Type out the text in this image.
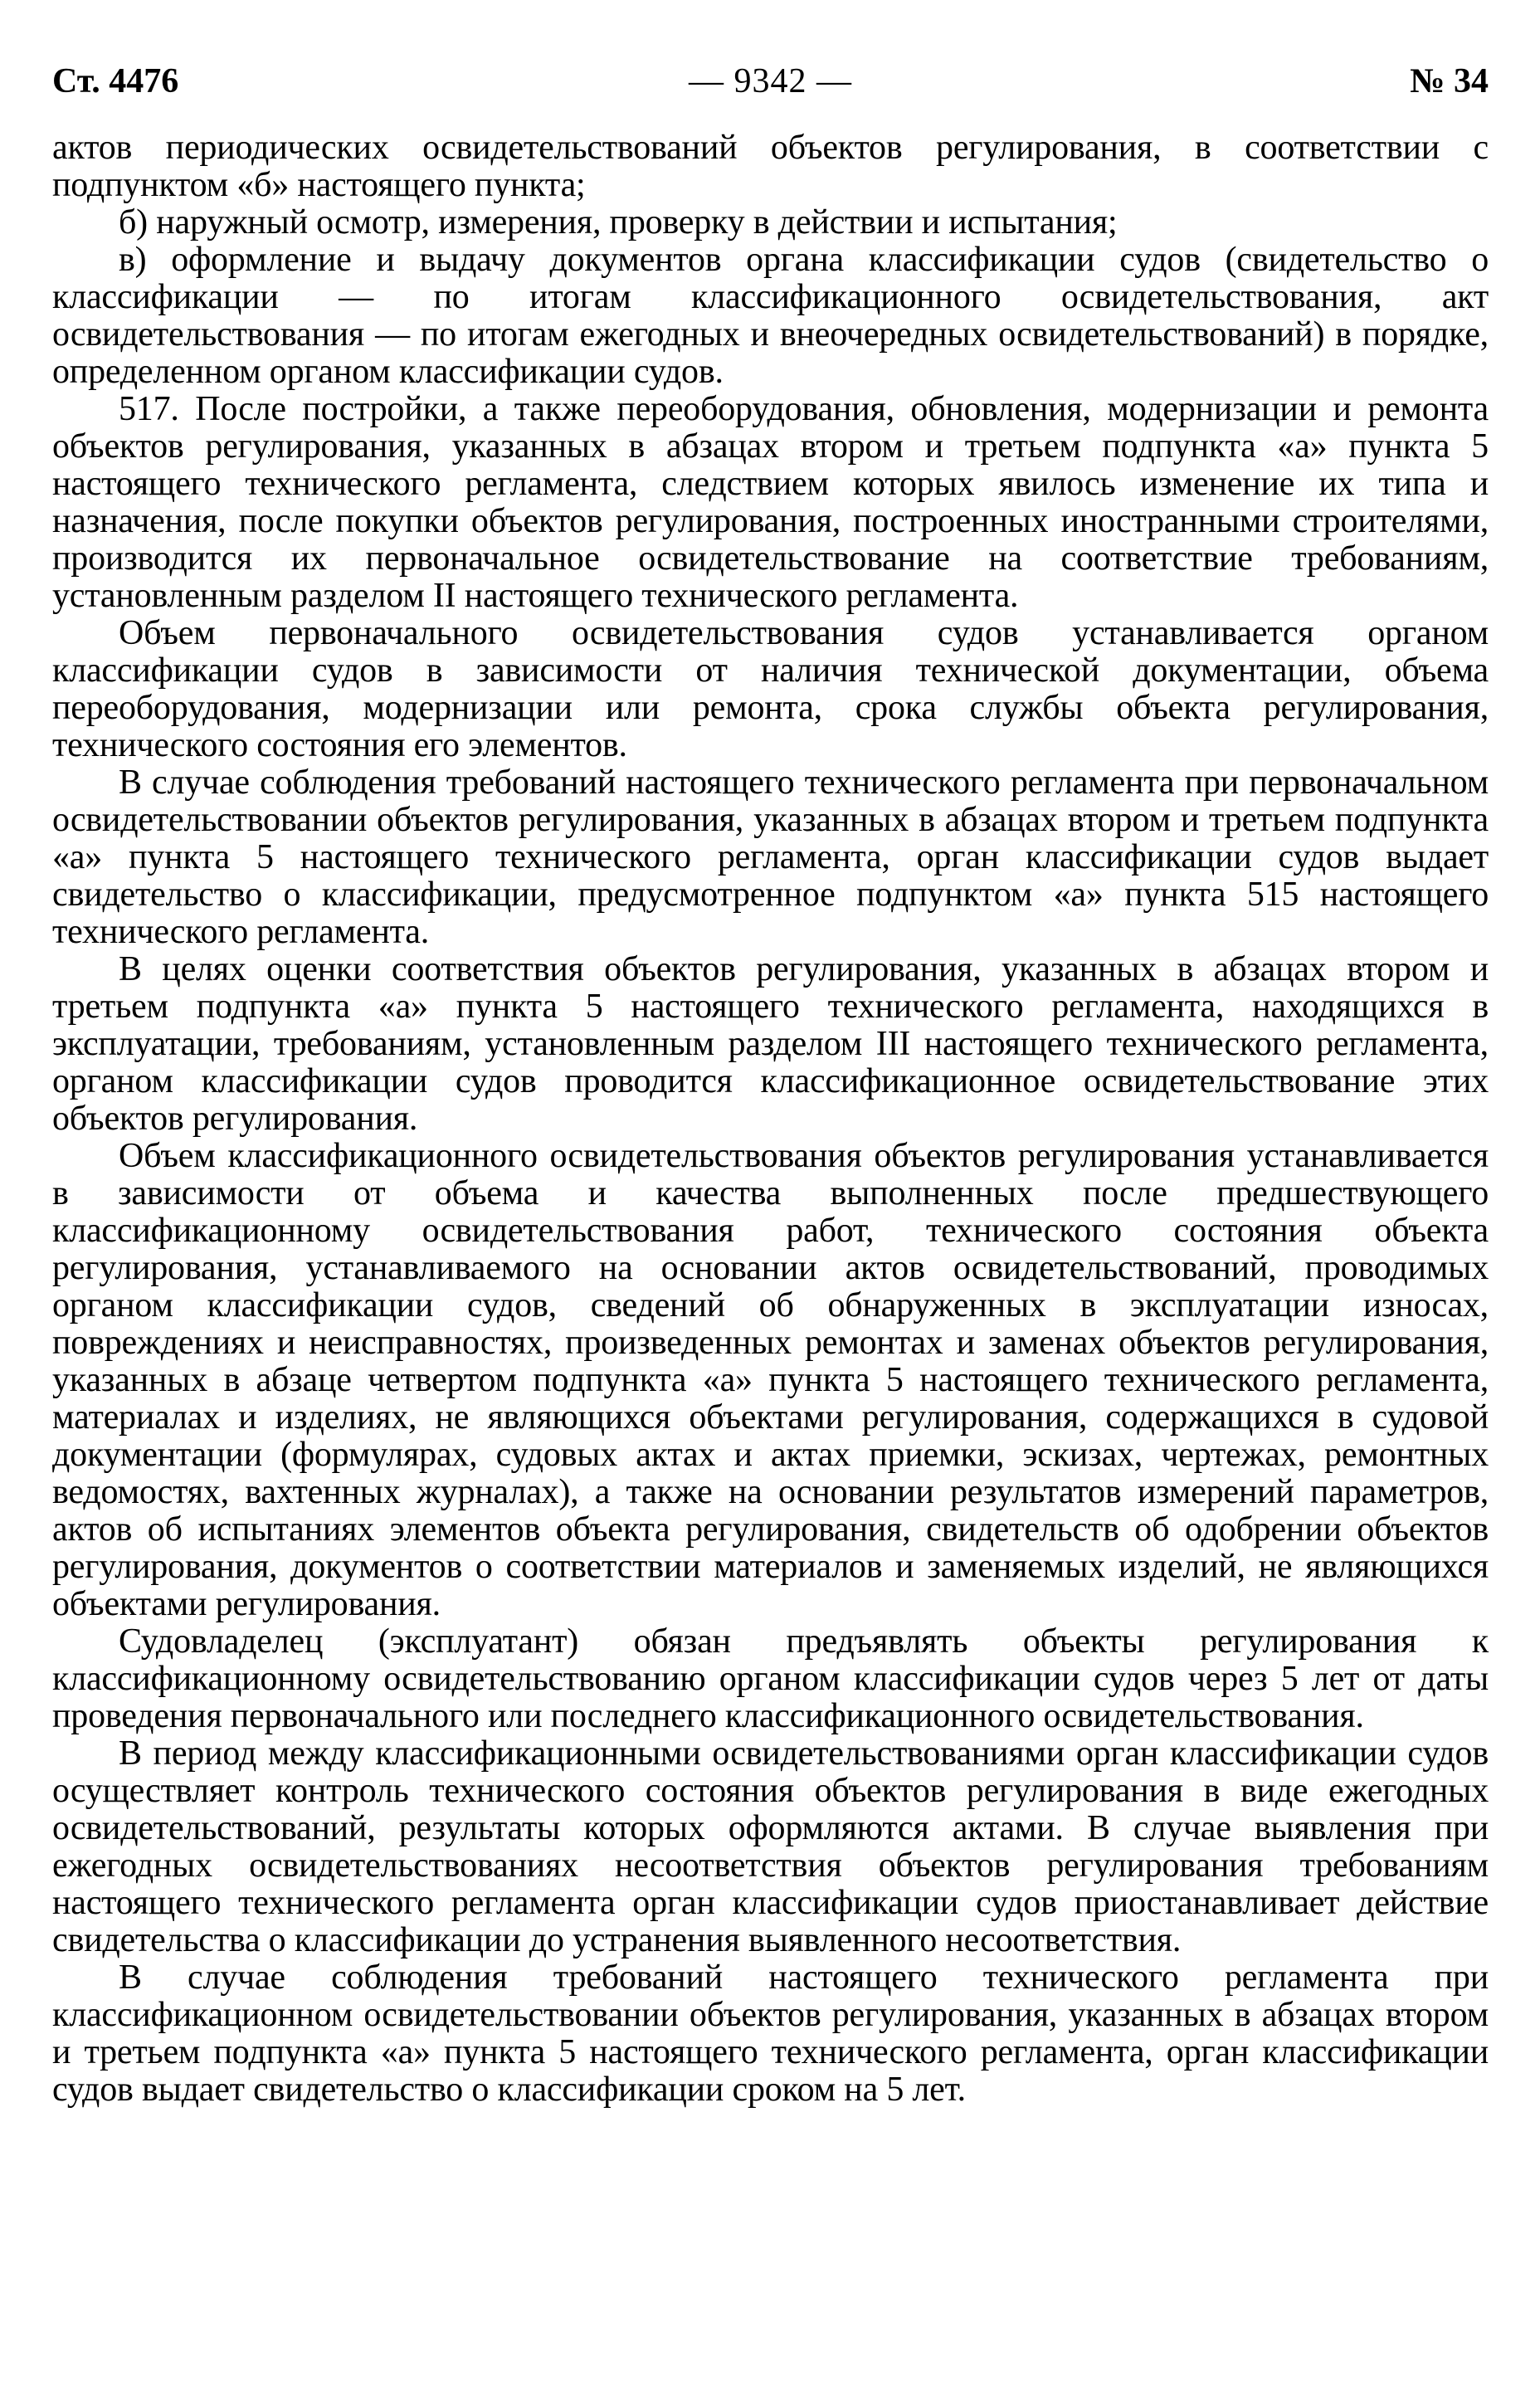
Ст. 4476	— 9342 —	№ 34

актов периодических освидетельствований объектов регулирования, в соответствии с подпунктом «б» настоящего пункта;

б) наружный осмотр, измерения, проверку в действии и испытания;

в) оформление и выдачу документов органа классификации судов (свидетельство о классификации — по итогам классификационного освидетельствования, акт освидетельствования — по итогам ежегодных и внеочередных освидетельствований) в порядке, определенном органом классификации судов.

517. После постройки, а также переоборудования, обновления, модернизации и ремонта объектов регулирования, указанных в абзацах втором и третьем подпункта «а» пункта 5 настоящего технического регламента, следствием которых явилось изменение их типа и назначения, после покупки объектов регулирования, построенных иностранными строителями, производится их первоначальное освидетельствование на соответствие требованиям, установленным разделом II настоящего технического регламента.

Объем первоначального освидетельствования судов устанавливается органом классификации судов в зависимости от наличия технической документации, объема переоборудования, модернизации или ремонта, срока службы объекта регулирования, технического состояния его элементов.

В случае соблюдения требований настоящего технического регламента при первоначальном освидетельствовании объектов регулирования, указанных в абзацах втором и третьем подпункта «а» пункта 5 настоящего технического регламента, орган классификации судов выдает свидетельство о классификации, предусмотренное подпунктом «а» пункта 515 настоящего технического регламента.

В целях оценки соответствия объектов регулирования, указанных в абзацах втором и третьем подпункта «а» пункта 5 настоящего технического регламента, находящихся в эксплуатации, требованиям, установленным разделом III настоящего технического регламента, органом классификации судов проводится классификационное освидетельствование этих объектов регулирования.

Объем классификационного освидетельствования объектов регулирования устанавливается в зависимости от объема и качества выполненных после предшествующего классификационному освидетельствования работ, технического состояния объекта регулирования, устанавливаемого на основании актов освидетельствований, проводимых органом классификации судов, сведений об обнаруженных в эксплуатации износах, повреждениях и неисправностях, произведенных ремонтах и заменах объектов регулирования, указанных в абзаце четвертом подпункта «а» пункта 5 настоящего технического регламента, материалах и изделиях, не являющихся объектами регулирования, содержащихся в судовой документации (формулярах, судовых актах и актах приемки, эскизах, чертежах, ремонтных ведомостях, вахтенных журналах), а также на основании результатов измерений параметров, актов об испытаниях элементов объекта регулирования, свидетельств об одобрении объектов регулирования, документов о соответствии материалов и заменяемых изделий, не являющихся объектами регулирования.

Судовладелец (эксплуатант) обязан предъявлять объекты регулирования к классификационному освидетельствованию органом классификации судов через 5 лет от даты проведения первоначального или последнего классификационного освидетельствования.

В период между классификационными освидетельствованиями орган классификации судов осуществляет контроль технического состояния объектов регулирования в виде ежегодных освидетельствований, результаты которых оформляются актами. В случае выявления при ежегодных освидетельствованиях несоответствия объектов регулирования требованиям настоящего технического регламента орган классификации судов приостанавливает действие свидетельства о классификации до устранения выявленного несоответствия.

В случае соблюдения требований настоящего технического регламента при классификационном освидетельствовании объектов регулирования, указанных в абзацах втором и третьем подпункта «а» пункта 5 настоящего технического регламента, орган классификации судов выдает свидетельство о классификации сроком на 5 лет.
